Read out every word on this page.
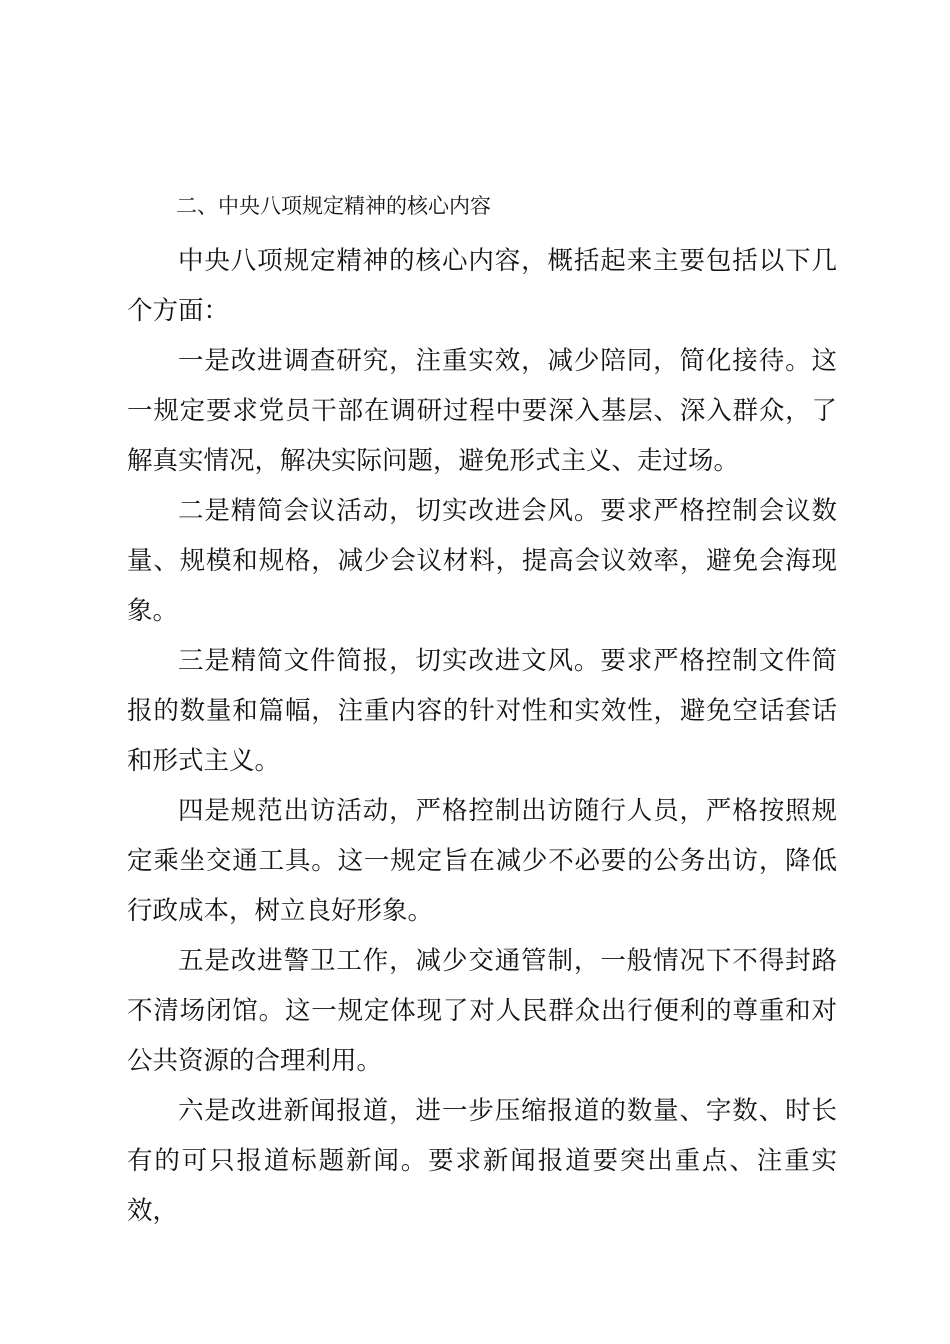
二、中央八项规定精神的核心内容

中央八项规定精神的核心内容，概括起来主要包括以下几个方面：

一是改进调查研究，注重实效，减少陪同，简化接待。这一规定要求党员干部在调研过程中要深入基层、深入群众，了解真实情况，解决实际问题，避免形式主义、走过场。

二是精简会议活动，切实改进会风。要求严格控制会议数量、规模和规格，减少会议材料，提高会议效率，避免会海现象。

三是精简文件简报，切实改进文风。要求严格控制文件简报的数量和篇幅，注重内容的针对性和实效性，避免空话套话和形式主义。

四是规范出访活动，严格控制出访随行人员，严格按照规定乘坐交通工具。这一规定旨在减少不必要的公务出访，降低行政成本，树立良好形象。

五是改进警卫工作，减少交通管制，一般情况下不得封路不清场闭馆。这一规定体现了对人民群众出行便利的尊重和对公共资源的合理利用。

六是改进新闻报道，进一步压缩报道的数量、字数、时长有的可只报道标题新闻。要求新闻报道要突出重点、注重实效，
